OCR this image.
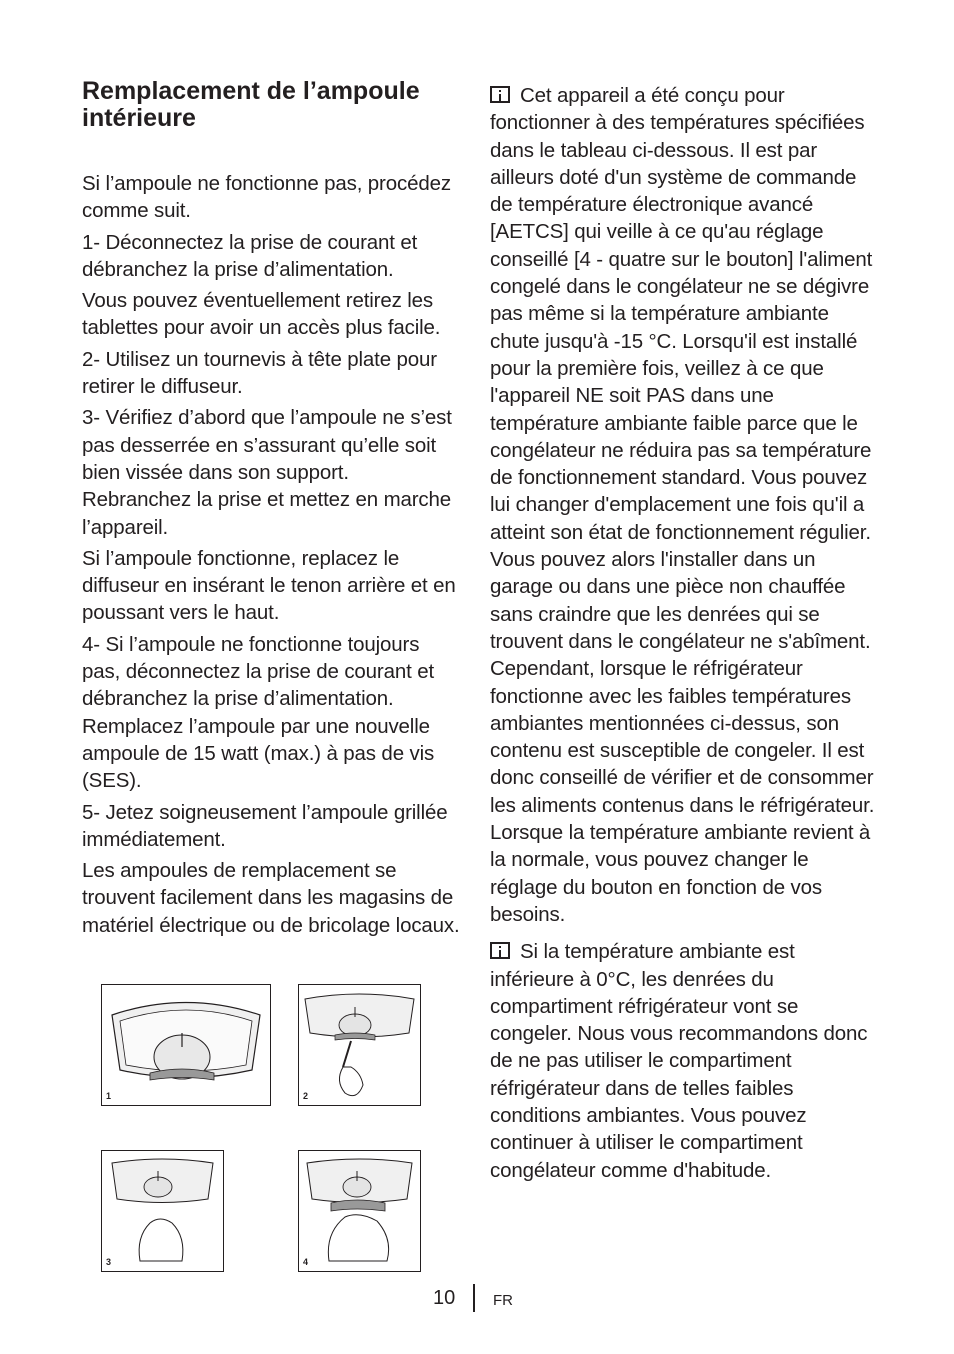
Remplacement de l’ampoule intérieure

Si l’ampoule ne fonctionne pas, procédez comme suit.

1- Déconnectez la prise de courant et débranchez la prise d’alimentation.

Vous pouvez éventuellement retirez les tablettes pour avoir un accès plus facile.

2- Utilisez un tournevis à tête plate pour retirer le diffuseur.

3- Vérifiez d’abord que l’ampoule ne s’est pas desserrée en s’assurant qu’elle soit bien vissée dans son support. Rebranchez la prise et mettez en marche l’appareil.

Si l’ampoule fonctionne, replacez le diffuseur en insérant le tenon arrière et en poussant vers le haut.

4- Si l’ampoule ne fonctionne toujours pas, déconnectez la prise de courant et débranchez la prise d’alimentation. Remplacez l’ampoule par une nouvelle ampoule de 15 watt (max.) à pas de vis (SES).

5- Jetez soigneusement l’ampoule grillée immédiatement.

Les ampoules de remplacement se trouvent facilement dans les magasins de matériel électrique ou de bricolage locaux.

1	2
3	4

Cet appareil a été conçu pour fonctionner à des températures spécifiées dans le tableau ci-dessous. Il est par ailleurs doté d'un système de commande de température électronique avancé [AETCS] qui veille à ce qu'au réglage conseillé [4 - quatre sur le bouton] l'aliment congelé dans le congélateur ne se dégivre pas même si la température ambiante chute jusqu'à -15 °C. Lorsqu'il est installé pour la première fois, veillez à ce que l'appareil NE soit PAS dans une température ambiante faible parce que le congélateur ne réduira pas sa température de fonctionnement standard. Vous pouvez lui changer d'emplacement une fois qu'il a atteint son état de fonctionnement régulier. Vous pouvez alors l'installer dans un garage ou dans une pièce non chauffée sans craindre que les denrées qui se trouvent dans le congélateur ne s'abîment. Cependant, lorsque le réfrigérateur fonctionne avec les faibles températures ambiantes mentionnées ci-dessus, son contenu est susceptible de congeler. Il est donc conseillé de vérifier et de consommer les aliments contenus dans le réfrigérateur. Lorsque la température ambiante revient à la normale, vous pouvez changer le réglage du bouton en fonction de vos besoins.

Si la température ambiante est inférieure à 0°C, les denrées du compartiment réfrigérateur vont se congeler. Nous vous recommandons donc de ne pas utiliser le compartiment réfrigérateur dans de telles faibles conditions ambiantes. Vous pouvez continuer à utiliser le compartiment congélateur comme d'habitude.

10	FR
